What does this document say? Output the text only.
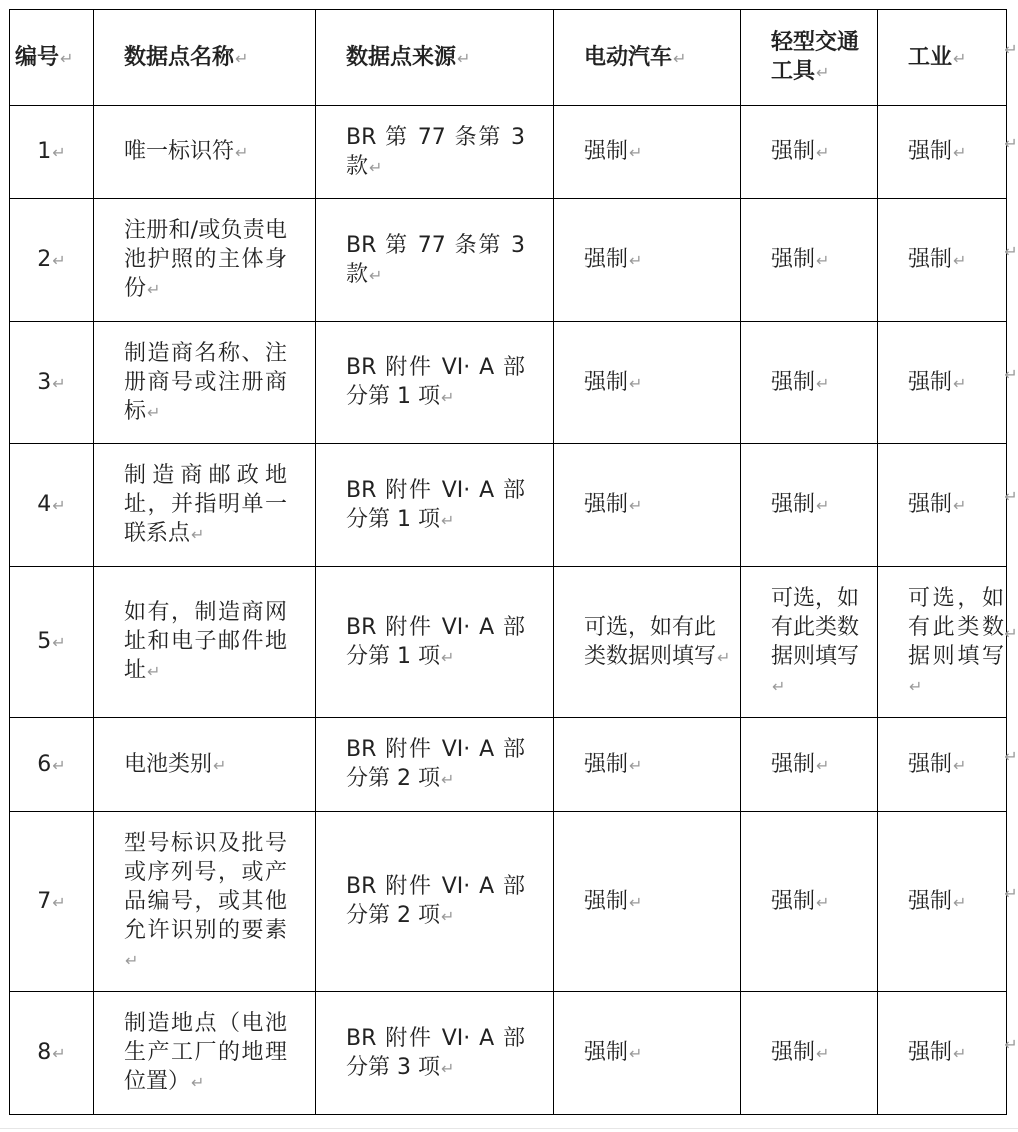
编号↵	数据点名称↵	数据点来源↵	电动汽车↵	轻型交通工具↵	工业↵
1↵	唯一标识符↵	BR 第 77 条第 3 款↵	强制↵	强制↵	强制↵
2↵	注册和/或负责电池护照的主体身份↵	BR 第 77 条第 3 款↵	强制↵	强制↵	强制↵
3↵	制造商名称、注册商号或注册商标↵	BR 附件 VI· A 部分第 1 项↵	强制↵	强制↵	强制↵
4↵	制造商邮政地址，并指明单一联系点↵	BR 附件 VI· A 部分第 1 项↵	强制↵	强制↵	强制↵
5↵	如有，制造商网址和电子邮件地址↵	BR 附件 VI· A 部分第 1 项↵	可选，如有此类数据则填写↵	可选，如有此类数据则填写↵	可选，如有此类数据则填写↵
6↵	电池类别↵	BR 附件 VI· A 部分第 2 项↵	强制↵	强制↵	强制↵
7↵	型号标识及批号或序列号，或产品编号，或其他允许识别的要素↵	BR 附件 VI· A 部分第 2 项↵	强制↵	强制↵	强制↵
8↵	制造地点（电池生产工厂的地理位置）↵	BR 附件 VI· A 部分第 3 项↵	强制↵	强制↵	强制↵
↵
↵
↵
↵
↵
↵
↵
↵
↵
